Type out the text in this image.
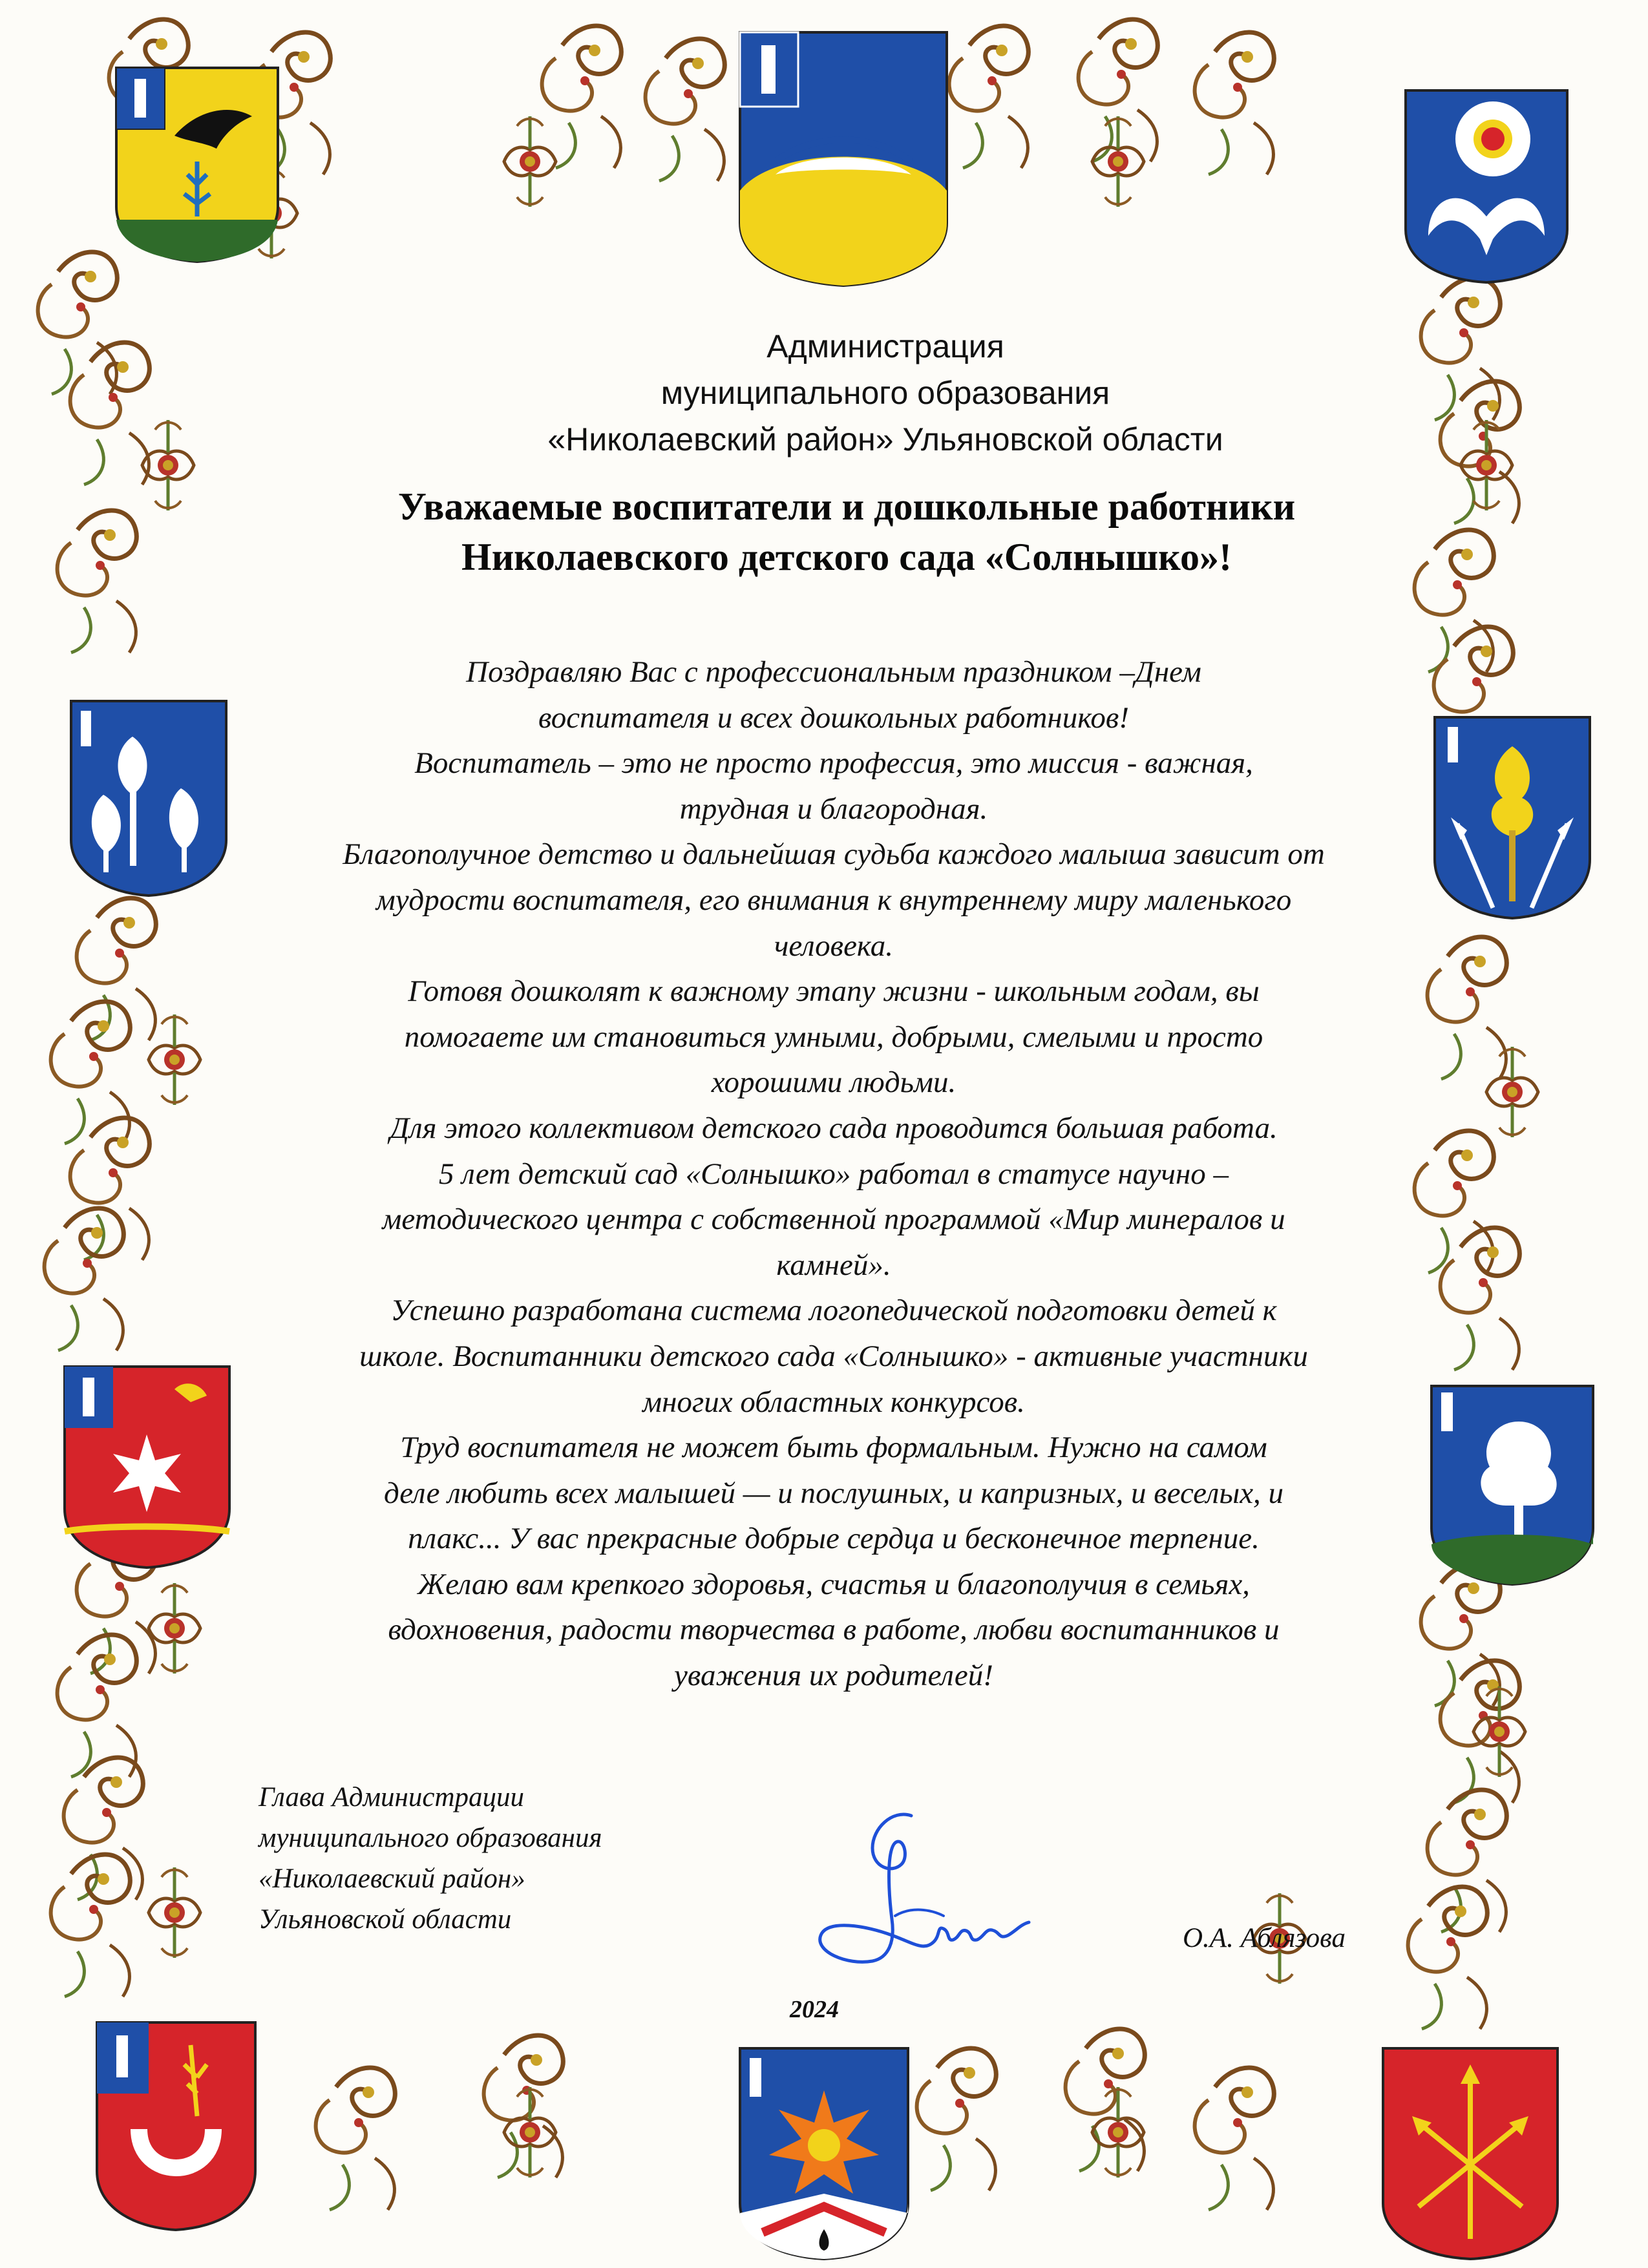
Администрация
муниципального образования
«Николаевский район» Ульяновской области
Уважаемые воспитатели и дошкольные работники
Николаевского детского сада «Солнышко»!
Поздравляю Вас с профессиональным праздником –Днем
воспитателя и всех дошкольных работников!
Воспитатель – это не просто профессия, это миссия - важная,
трудная и благородная.
Благополучное детство и дальнейшая судьба каждого малыша зависит от
мудрости воспитателя, его внимания к внутреннему миру маленького
человека.
Готовя дошколят к важному этапу жизни - школьным годам, вы
помогаете им становиться умными, добрыми, смелыми и просто
хорошими людьми.
Для этого коллективом детского сада проводится большая работа.
5 лет детский сад «Солнышко» работал в статусе научно –
методического центра с собственной программой «Мир минералов и
камней».
Успешно разработана система логопедической подготовки детей к
школе. Воспитанники детского сада «Солнышко» - активные участники
многих областных конкурсов.
Труд воспитателя не может быть формальным. Нужно на самом
деле любить всех малышей — и послушных, и капризных, и веселых, и
плакс... У вас прекрасные добрые сердца и бесконечное терпение.
Желаю вам крепкого здоровья, счастья и благополучия в семьях,
вдохновения, радости творчества в работе, любви воспитанников и
уважения их родителей!
Глава Администрации
муниципального образования
«Николаевский район»
Ульяновской области
О.А. Аблязова
2024
